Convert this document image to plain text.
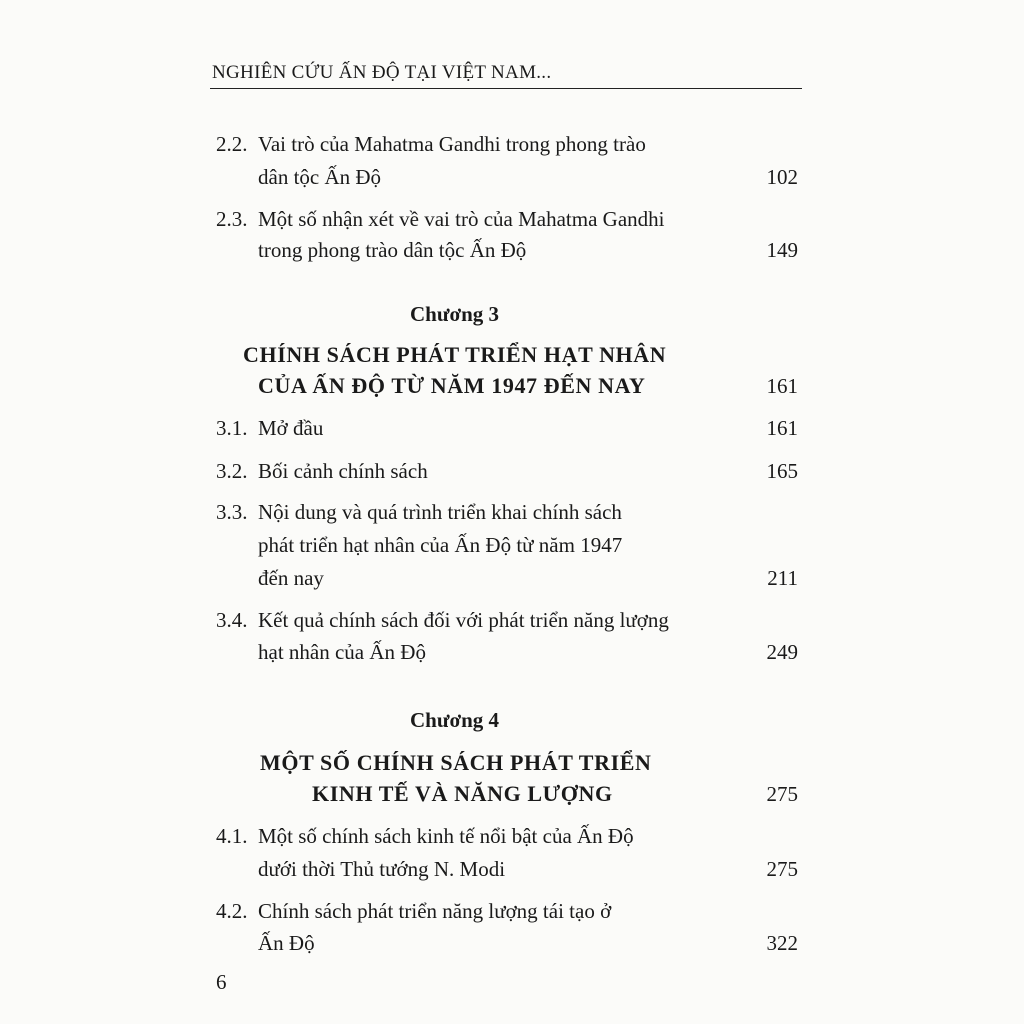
NGHIÊN CỨU ẤN ĐỘ TẠI VIỆT NAM...
2.2. Vai trò của Mahatma Gandhi trong phong trào
dân tộc Ấn Độ	102
2.3. Một số nhận xét về vai trò của Mahatma Gandhi
trong phong trào dân tộc Ấn Độ	149
Chương 3
CHÍNH SÁCH PHÁT TRIỂN HẠT NHÂN
CỦA ẤN ĐỘ TỪ NĂM 1947 ĐẾN NAY	161
3.1. Mở đầu	161
3.2. Bối cảnh chính sách	165
3.3. Nội dung và quá trình triển khai chính sách
phát triển hạt nhân của Ấn Độ từ năm 1947
đến nay	211
3.4. Kết quả chính sách đối với phát triển năng lượng
hạt nhân của Ấn Độ	249
Chương 4
MỘT SỐ CHÍNH SÁCH PHÁT TRIỂN
KINH TẾ VÀ NĂNG LƯỢNG	275
4.1. Một số chính sách kinh tế nổi bật của Ấn Độ
dưới thời Thủ tướng N. Modi	275
4.2. Chính sách phát triển năng lượng tái tạo ở
Ấn Độ	322
6
